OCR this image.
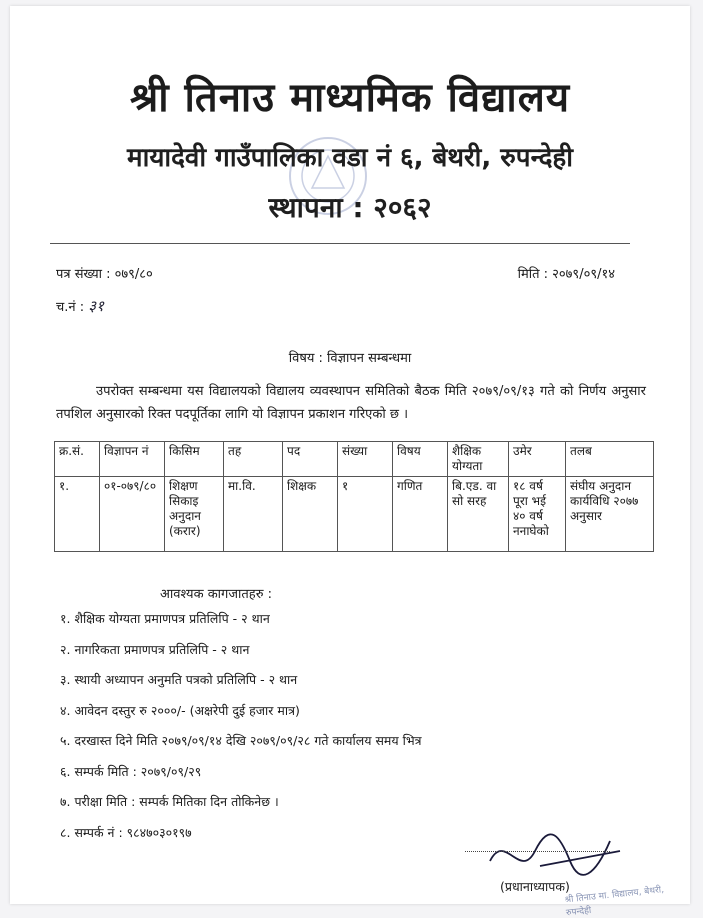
श्री तिनाउ माध्यमिक विद्यालय
मायादेवी गाउँपालिका वडा नं ६, बेथरी, रुपन्देही
स्थापना : २०६२
पत्र संख्या : ०७९/८०	मिति : २०७९/०९/१४
च.नं : ३१
विषय : विज्ञापन सम्बन्धमा
उपरोक्त सम्बन्धमा यस विद्यालयको विद्यालय व्यवस्थापन समितिको बैठक मिति २०७९/०९/१३ गते को निर्णय अनुसार तपशिल अनुसारको रिक्त पदपूर्तिका लागि यो विज्ञापन प्रकाशन गरिएको छ ।
क्र.सं.	विज्ञापन नं	किसिम	तह	पद	संख्या	विषय	शैक्षिक योग्यता	उमेर	तलब
१.	०१-०७९/८०	शिक्षण सिकाइ अनुदान (करार)	मा.वि.	शिक्षक	१	गणित	बि.एड. वा सो सरह	१८ वर्ष पूरा भई ४० वर्ष ननाघेको	संघीय अनुदान कार्यविधि २०७७ अनुसार
आवश्यक कागजातहरु :
१. शैक्षिक योग्यता प्रमाणपत्र प्रतिलिपि - २ थान
२. नागरिकता प्रमाणपत्र प्रतिलिपि - २ थान
३. स्थायी अध्यापन अनुमति पत्रको प्रतिलिपि - २ थान
४. आवेदन दस्तुर रु २०००/- (अक्षरेपी दुई हजार मात्र)
५. दरखास्त दिने मिति २०७९/०९/१४ देखि २०७९/०९/२८ गते कार्यालय समय भित्र
६. सम्पर्क मिति : २०७९/०९/२९
७. परीक्षा मिति : सम्पर्क मितिका दिन तोकिनेछ ।
८. सम्पर्क नं : ९८४७०३०१९७
(प्रधानाध्यापक)
श्री तिनाउ मा. विद्यालय, बेथरी, रुपन्देही
